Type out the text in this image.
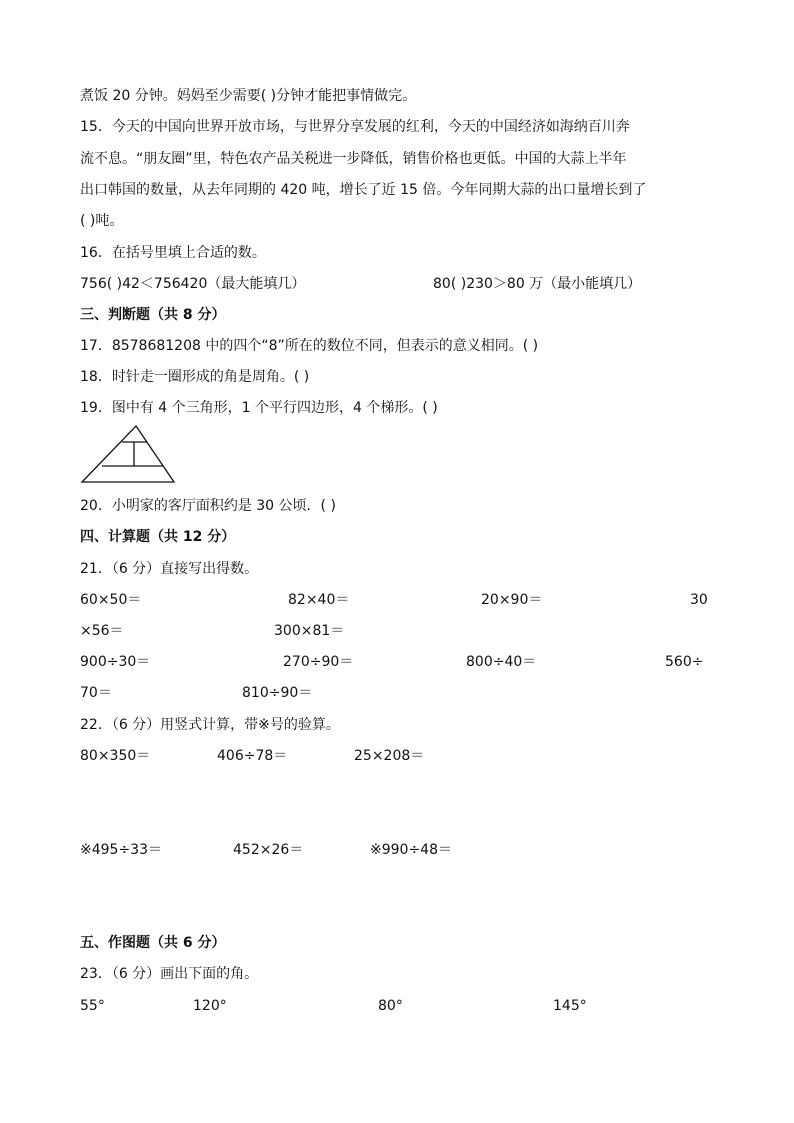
煮饭 20 分钟。妈妈至少需要( )分钟才能把事情做完。
15．今天的中国向世界开放市场，与世界分享发展的红利，今天的中国经济如海纳百川奔
流不息。“朋友圈”里，特色农产品关税进一步降低，销售价格也更低。中国的大蒜上半年
出口韩国的数量，从去年同期的 420 吨，增长了近 15 倍。今年同期大蒜的出口量增长到了
( )吨。
16．在括号里填上合适的数。
756( )42＜756420（最大能填几）	80( )230＞80 万（最小能填几）
三、判断题（共 8 分）
17．8578681208 中的四个“8”所在的数位不同，但表示的意义相同。( )
18．时针走一圈形成的角是周角。( )
19．图中有 4 个三角形，1 个平行四边形，4 个梯形。( )
20．小明家的客厅面积约是 30 公顷．( )
四、计算题（共 12 分）
21．（6 分）直接写出得数。
60×50＝	82×40＝	20×90＝	30
×56＝	300×81＝
900÷30＝	270÷90＝	800÷40＝	560÷
70＝	810÷90＝
22．（6 分）用竖式计算，带※号的验算。
80×350＝	406÷78＝	25×208＝
※495÷33＝	452×26＝	※990÷48＝
五、作图题（共 6 分）
23．（6 分）画出下面的角。
55°	120°	80°	145°
